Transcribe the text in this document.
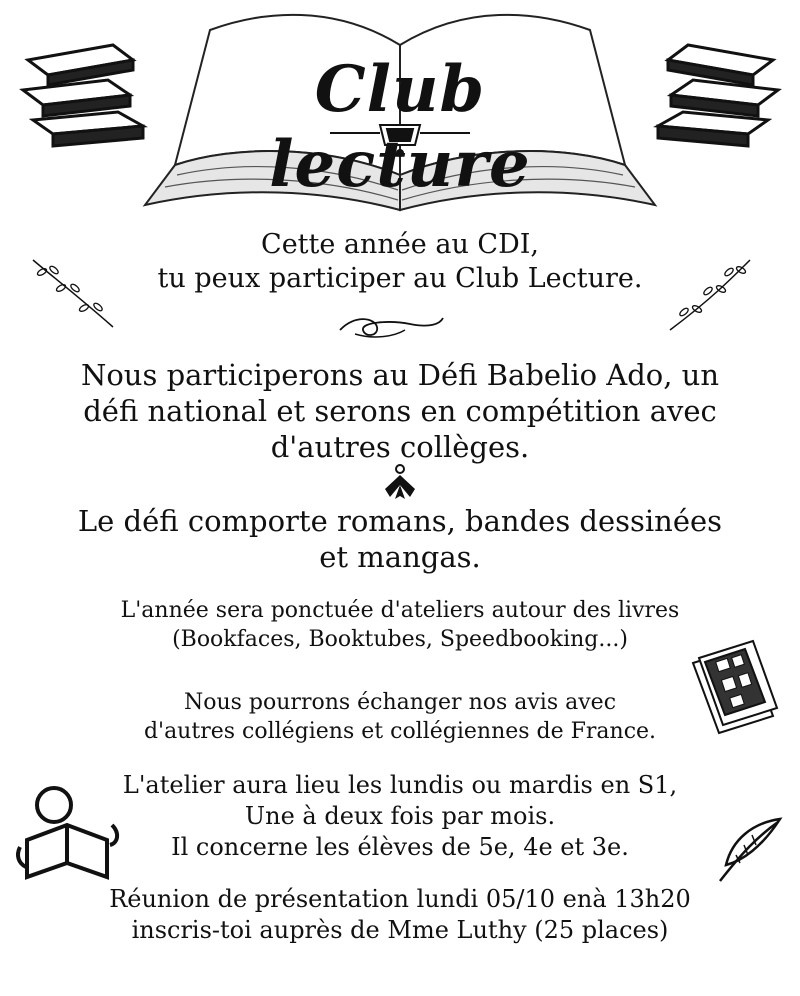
Club lecture
Cette année au CDI,
tu peux participer au Club Lecture.
Nous participerons au Défi Babelio Ado, un
défi national et serons en compétition avec
d'autres collèges.
Le défi comporte romans, bandes dessinées
et mangas.
L'année sera ponctuée d'ateliers autour des livres
(Bookfaces, Booktubes, Speedbooking...)
Nous pourrons échanger nos avis avec
d'autres collégiens et collégiennes de France.
L'atelier aura lieu les lundis ou mardis en S1,
Une à deux fois par mois.
Il concerne les élèves de 5e, 4e et 3e.
Réunion de présentation lundi 05/10 enà 13h20
inscris-toi auprès de Mme Luthy (25 places)
